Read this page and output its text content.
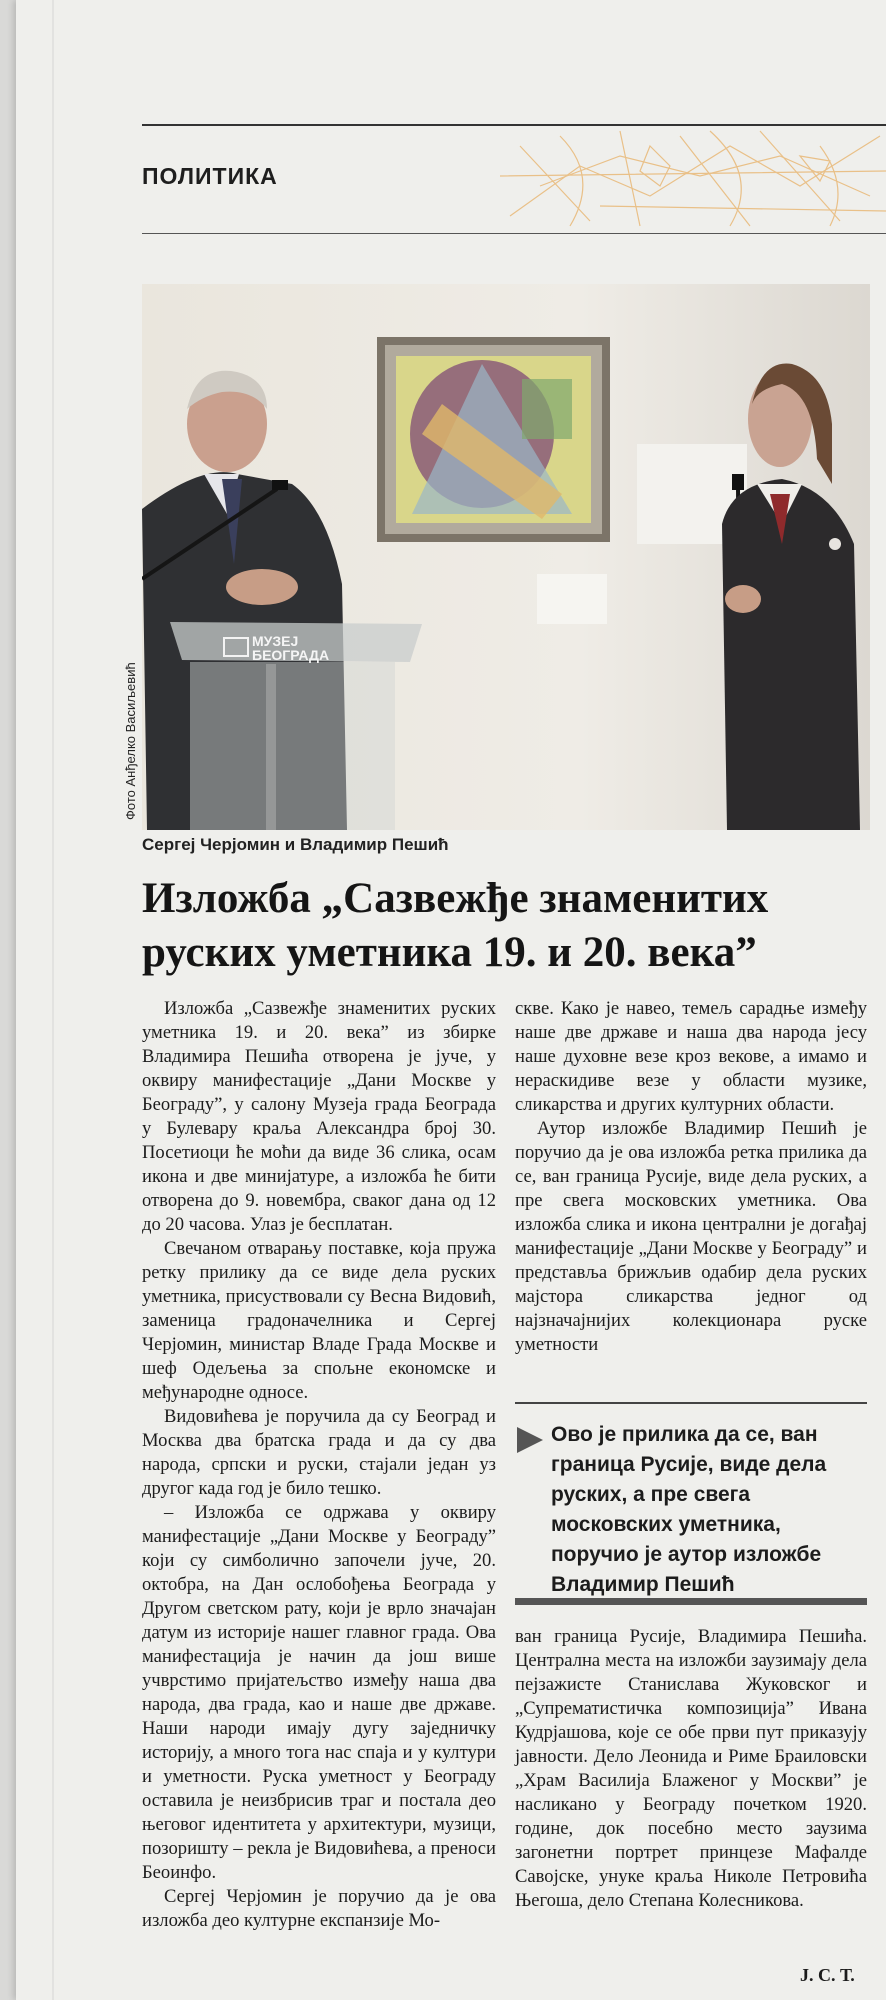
ПОЛИТИКА
МУЗЕЈ
БЕОГРАДА
Фото Анђелко Васиљевић
Сергеј Черјомин и Владимир Пешић
Изложба „Сазвежђе знаменитих руских уметника 19. и 20. века”

Изложба „Сазвежђе знаменитих руских уметника 19. и 20. века” из збирке Владимира Пешића отворена је јуче, у оквиру манифестације „Дани Москве у Београду”, у салону Музеја града Београда у Булевару краља Александра број 30. Посетиоци ће моћи да виде 36 слика, осам икона и две минијатуре, а изложба ће бити отворена до 9. новембра, сваког дана од 12 до 20 часова. Улаз је бесплатан.

Свечаном отварању поставке, која пружа ретку прилику да се виде дела руских уметника, присуствовали су Весна Видовић, заменица градоначелника и Сергеј Черјомин, министар Владе Града Москве и шеф Одељења за спољне економске и међународне односе.

Видовићева је поручила да су Београд и Москва два братска града и да су два народа, српски и руски, стајали један уз другог када год је било тешко.

– Изложба се одржава у оквиру манифестације „Дани Москве у Београду” који су симболично започели јуче, 20. октобра, на Дан ослобођења Београда у Другом светском рату, који је врло значајан датум из историје нашег главног града. Ова манифестација је начин да још више учврстимо пријатељство између наша два народа, два града, као и наше две државе. Наши народи имају дугу заједничку историју, а много тога нас спаја и у култури и уметности. Руска уметност у Београду оставила је неизбрисив траг и постала део његовог идентитета у архитектури, музици, позоришту – рекла је Видовићева, а преноси Беоинфо.

Сергеј Черјомин је поручио да је ова изложба део културне експанзије Мо-

скве. Како је навео, темељ сарадње између наше две државе и наша два народа јесу наше духовне везе кроз векове, а имамо и нераскидиве везе у области музике, сликарства и других културних области.

Аутор изложбе Владимир Пешић је поручио да је ова изложба ретка прилика да се, ван граница Русије, виде дела руских, а пре свега московских уметника. Ова изложба слика и икона централни је догађај манифестације „Дани Москве у Београду” и представља брижљив одабир дела руских мајстора сликарства једног од најзначајнијих колекционара руске уметности

Ово је прилика да се, ван граница Русије, виде дела руских, а пре свега московских уметника, поручио је аутор изложбе Владимир Пешић

ван граница Русије, Владимира Пешића. Централна места на изложби заузимају дела пејзажисте Станислава Жуковског и „Супрематистичка композиција” Ивана Кудрјашова, које се обе први пут приказују јавности. Дело Леонида и Риме Браиловски „Храм Василија Блаженог у Москви” је насликано у Београду почетком 1920. године, док посебно место заузима загонетни портрет принцезе Мафалде Савојске, унуке краља Николе Петровића Његоша, дело Степана Колесникова.

Ј. С. Т.
